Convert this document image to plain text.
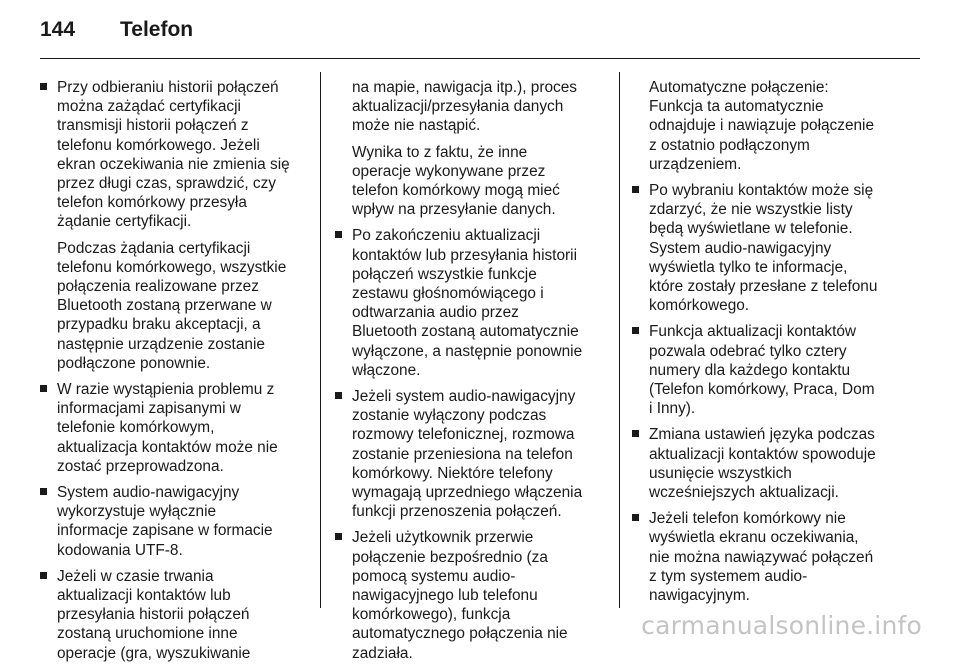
144	Telefon
Przy odbieraniu historii połączeń można zażądać certyfikacji transmisji historii połączeń z telefonu komórkowego. Jeżeli ekran oczekiwania nie zmienia się przez długi czas, sprawdzić, czy telefon komórkowy przesyła żądanie certyfikacji.
Podczas żądania certyfikacji telefonu komórkowego, wszystkie połączenia realizowane przez Bluetooth zostaną przerwane w przypadku braku akceptacji, a następnie urządzenie zostanie podłączone ponownie.
W razie wystąpienia problemu z informacjami zapisanymi w telefonie komórkowym, aktualizacja kontaktów może nie zostać przeprowadzona.
System audio-nawigacyjny wykorzystuje wyłącznie informacje zapisane w formacie kodowania UTF-8.
Jeżeli w czasie trwania aktualizacji kontaktów lub przesyłania historii połączeń zostaną uruchomione inne operacje (gra, wyszukiwanie
na mapie, nawigacja itp.), proces aktualizacji/przesyłania danych może nie nastąpić.
Wynika to z faktu, że inne operacje wykonywane przez telefon komórkowy mogą mieć wpływ na przesyłanie danych.
Po zakończeniu aktualizacji kontaktów lub przesyłania historii połączeń wszystkie funkcje zestawu głośnomówiącego i odtwarzania audio przez Bluetooth zostaną automatycznie wyłączone, a następnie ponownie włączone.
Jeżeli system audio-nawigacyjny zostanie wyłączony podczas rozmowy telefonicznej, rozmowa zostanie przeniesiona na telefon komórkowy. Niektóre telefony wymagają uprzedniego włączenia funkcji przenoszenia połączeń.
Jeżeli użytkownik przerwie połączenie bezpośrednio (za pomocą systemu audio-nawigacyjnego lub telefonu komórkowego), funkcja automatycznego połączenia nie zadziała.
Automatyczne połączenie: Funkcja ta automatycznie odnajduje i nawiązuje połączenie z ostatnio podłączonym urządzeniem.
Po wybraniu kontaktów może się zdarzyć, że nie wszystkie listy będą wyświetlane w telefonie. System audio-nawigacyjny wyświetla tylko te informacje, które zostały przesłane z telefonu komórkowego.
Funkcja aktualizacji kontaktów pozwala odebrać tylko cztery numery dla każdego kontaktu (Telefon komórkowy, Praca, Dom i Inny).
Zmiana ustawień języka podczas aktualizacji kontaktów spowoduje usunięcie wszystkich wcześniejszych aktualizacji.
Jeżeli telefon komórkowy nie wyświetla ekranu oczekiwania, nie można nawiązywać połączeń z tym systemem audio-nawigacyjnym.
carmanualsonline.info
